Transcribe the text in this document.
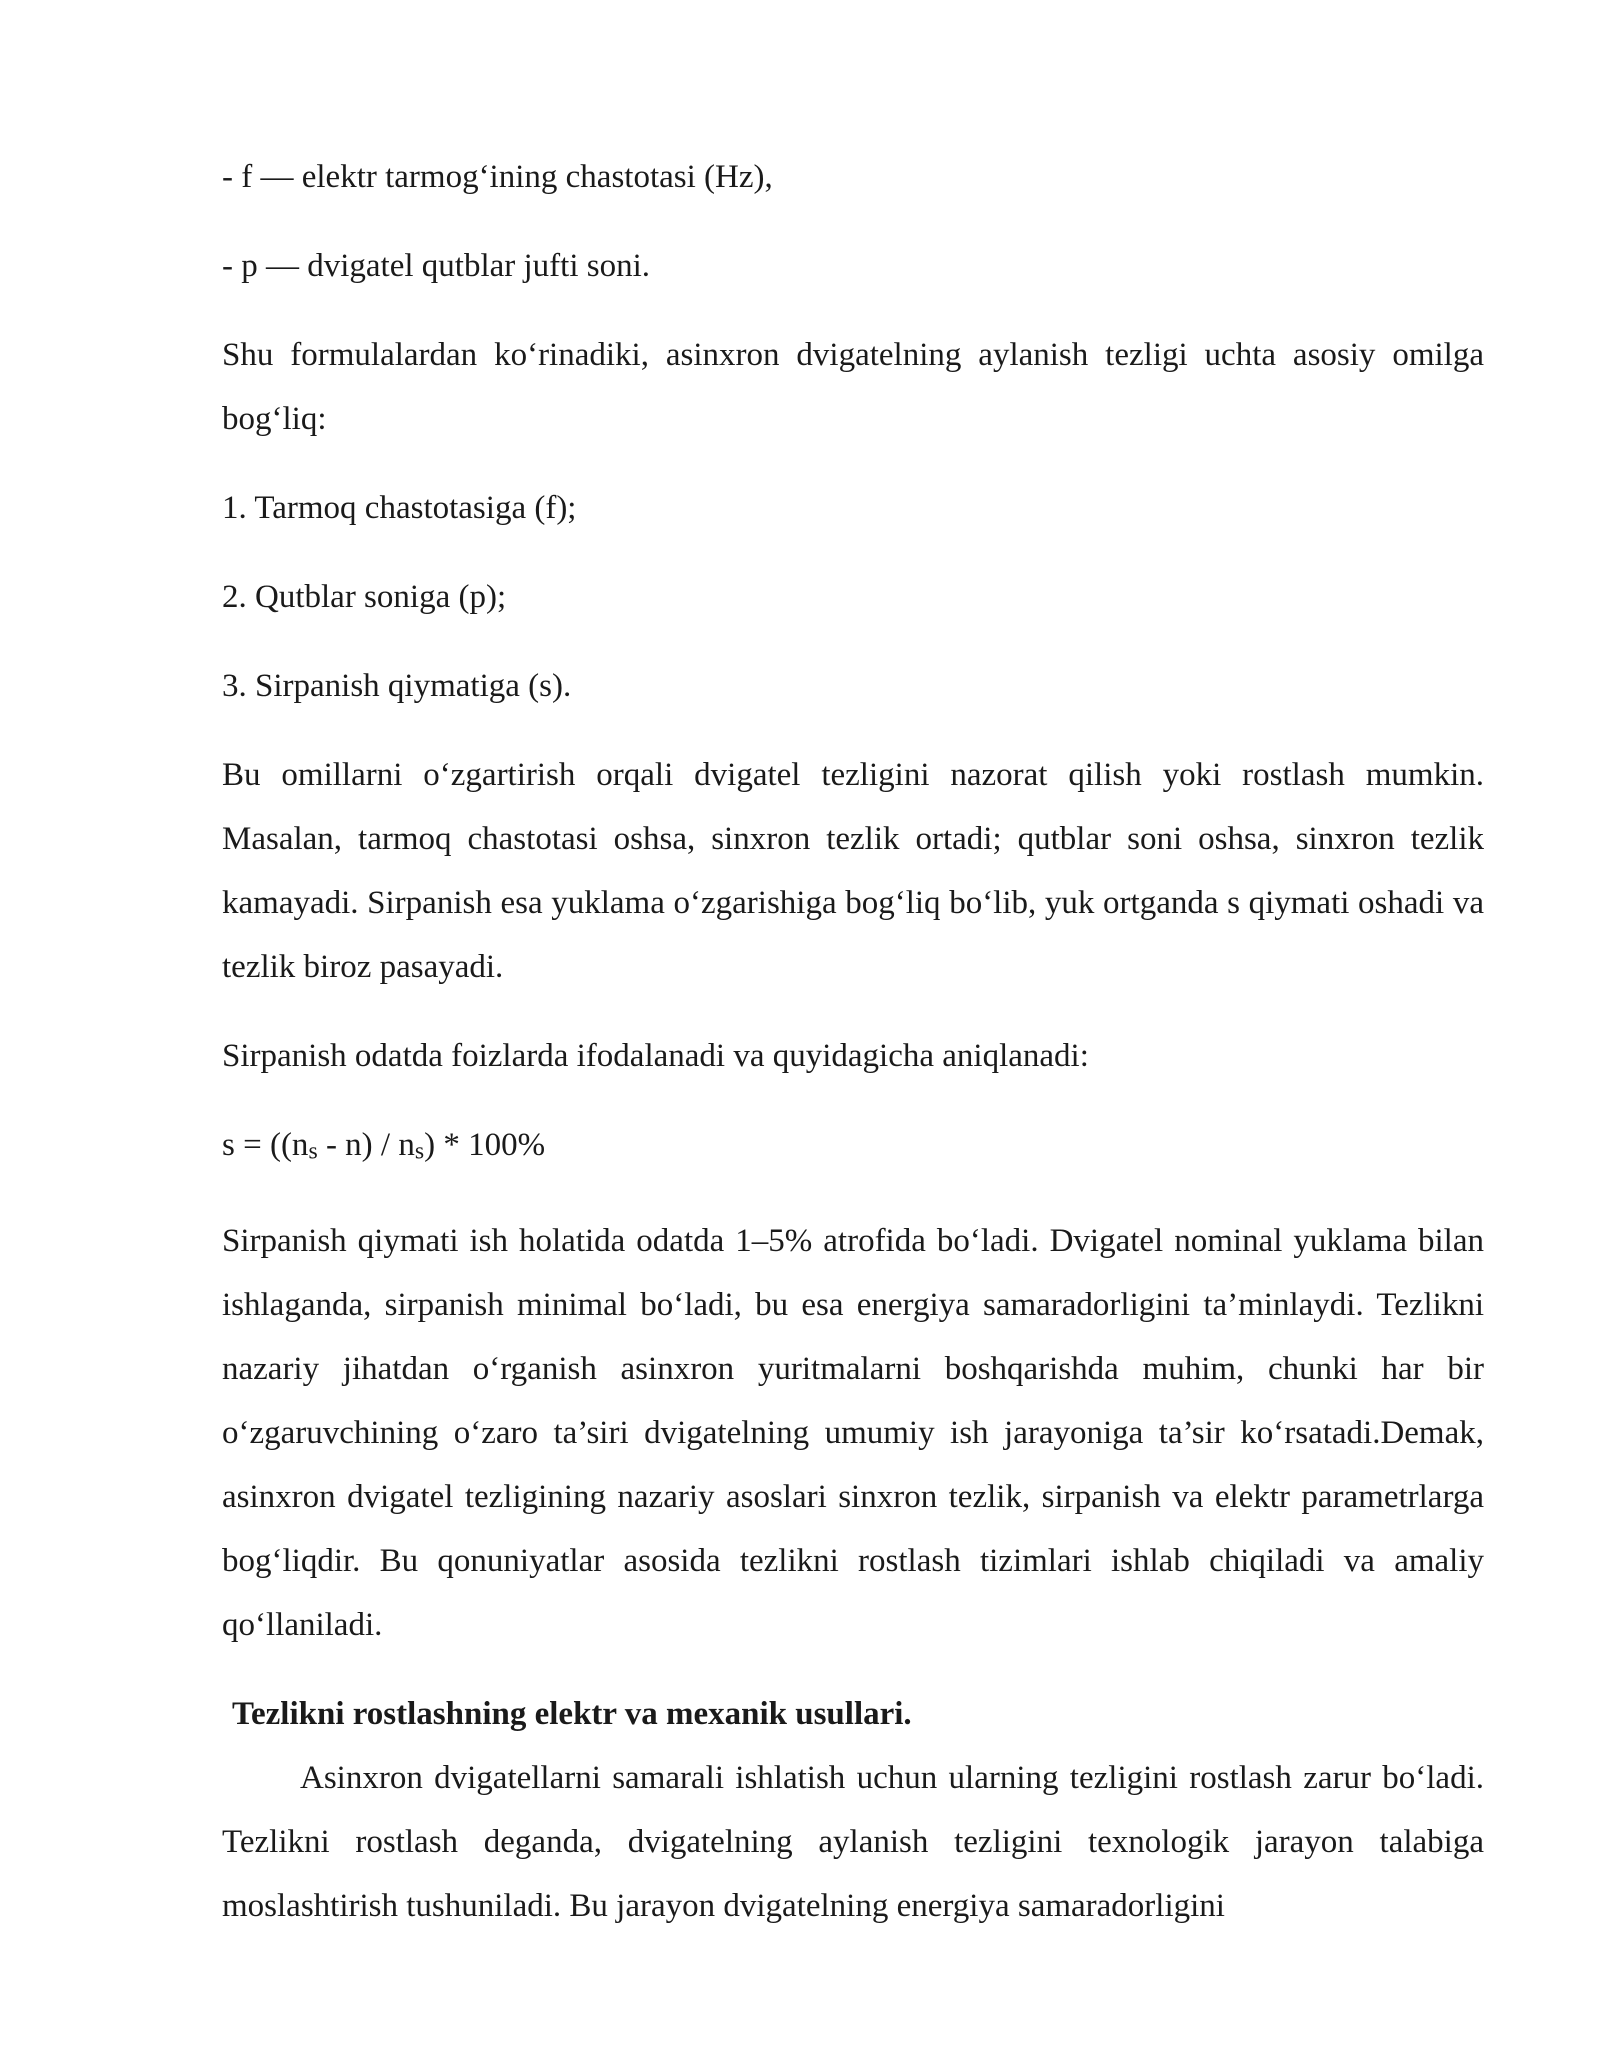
- f — elektr tarmog‘ining chastotasi (Hz),

- p — dvigatel qutblar jufti soni.

Shu formulalardan ko‘rinadiki, asinxron dvigatelning aylanish tezligi uchta asosiy omilga bog‘liq:

1. Tarmoq chastotasiga (f);

2. Qutblar soniga (p);

3. Sirpanish qiymatiga (s).

Bu omillarni o‘zgartirish orqali dvigatel tezligini nazorat qilish yoki rostlash mumkin. Masalan, tarmoq chastotasi oshsa, sinxron tezlik ortadi; qutblar soni oshsa, sinxron tezlik kamayadi. Sirpanish esa yuklama o‘zgarishiga bog‘liq bo‘lib, yuk ortganda s qiymati oshadi va tezlik biroz pasayadi.

Sirpanish odatda foizlarda ifodalanadi va quyidagicha aniqlanadi:

s = ((ns - n) / ns) * 100%

Sirpanish qiymati ish holatida odatda 1–5% atrofida bo‘ladi. Dvigatel nominal yuklama bilan ishlaganda, sirpanish minimal bo‘ladi, bu esa energiya samaradorligini ta’minlaydi. Tezlikni nazariy jihatdan o‘rganish asinxron yuritmalarni boshqarishda muhim, chunki har bir o‘zgaruvchining o‘zaro ta’siri dvigatelning umumiy ish jarayoniga ta’sir ko‘rsatadi.Demak, asinxron dvigatel tezligining nazariy asoslari sinxron tezlik, sirpanish va elektr parametrlarga bog‘liqdir. Bu qonuniyatlar asosida tezlikni rostlash tizimlari ishlab chiqiladi va amaliy qo‘llaniladi.

Tezlikni rostlashning elektr va mexanik usullari.

Asinxron dvigatellarni samarali ishlatish uchun ularning tezligini rostlash zarur bo‘ladi. Tezlikni rostlash deganda, dvigatelning aylanish tezligini texnologik jarayon talabiga moslashtirish tushuniladi. Bu jarayon dvigatelning energiya samaradorligini
